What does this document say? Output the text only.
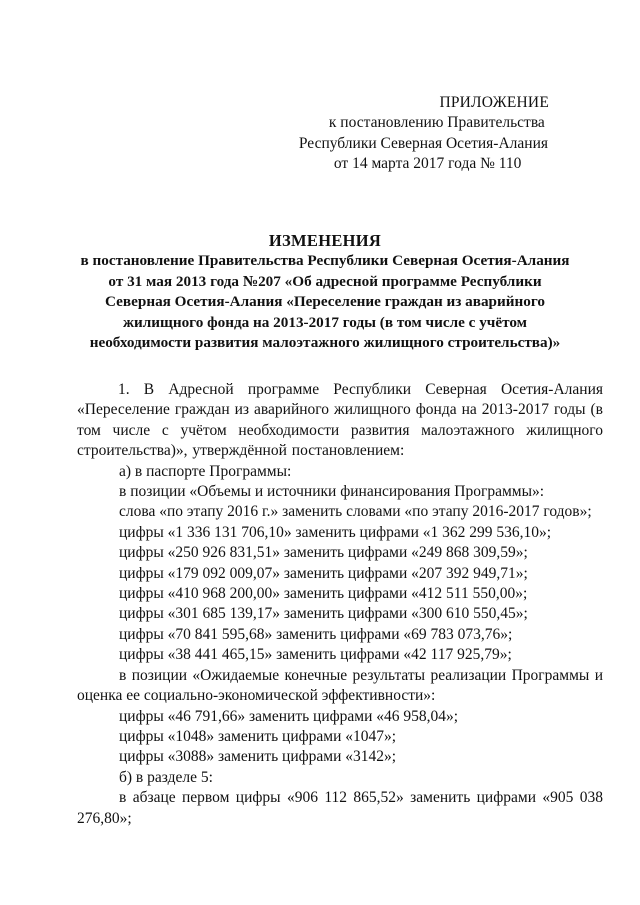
ПРИЛОЖЕНИЕ
к постановлению Правительства
Республики Северная Осетия-Алания
от 14 марта 2017 года № 110
ИЗМЕНЕНИЯ
в постановление Правительства Республики Северная Осетия-Алания
от 31 мая 2013 года №207 «Об адресной программе Республики
Северная Осетия-Алания «Переселение граждан из аварийного
жилищного фонда на 2013-2017 годы (в том числе с учётом
необходимости развития малоэтажного жилищного строительства)»

1. В Адресной программе Республики Северная Осетия-Алания «Переселение граждан из аварийного жилищного фонда на 2013-2017 годы (в том числе с учётом необходимости развития малоэтажного жилищного строительства)», утверждённой постановлением:

а) в паспорте Программы:
в позиции «Объемы и источники финансирования Программы»:
слова «по этапу 2016 г.» заменить словами «по этапу 2016-2017 годов»;
цифры «1 336 131 706,10» заменить цифрами «1 362 299 536,10»;
цифры «250 926 831,51» заменить цифрами «249 868 309,59»;
цифры «179 092 009,07» заменить цифрами «207 392 949,71»;
цифры «410 968 200,00» заменить цифрами «412 511 550,00»;
цифры «301 685 139,17» заменить цифрами «300 610 550,45»;
цифры «70 841 595,68» заменить цифрами «69 783 073,76»;
цифры «38 441 465,15» заменить цифрами «42 117 925,79»;

в позиции «Ожидаемые конечные результаты реализации Программы и оценка ее социально-экономической эффективности»:

цифры «46 791,66» заменить цифрами «46 958,04»;
цифры «1048» заменить цифрами «1047»;
цифры «3088» заменить цифрами «3142»;
б) в разделе 5:

в абзаце первом цифры «906 112 865,52» заменить цифрами «905 038 276,80»;
